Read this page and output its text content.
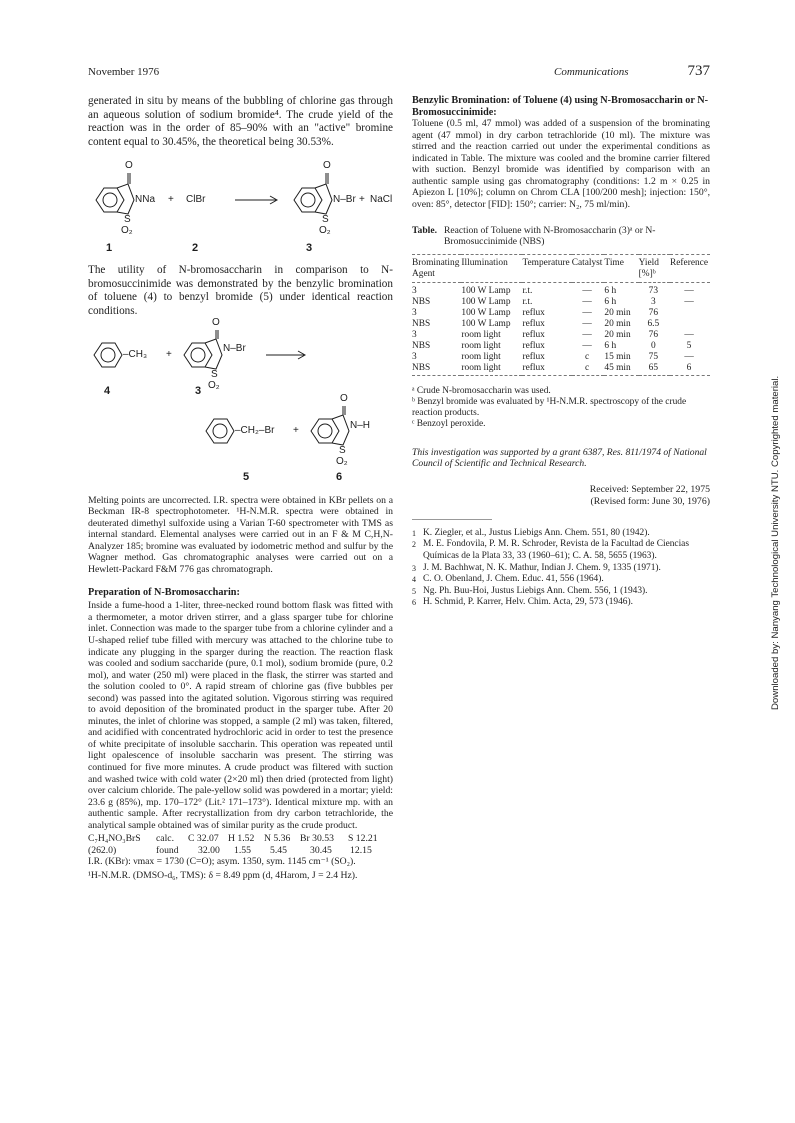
November 1976	Communications	737
Downloaded by: Nanyang Technological University NTU. Copyrighted material.

generated in situ by means of the bubbling of chlorine gas through an aqueous solution of sodium bromide⁴. The crude yield of the reaction was in the order of 85–90% with an "active" bromine content equal to 30.45%, the theoretical being 30.53%.

O
S
O₂
NNa + ClBr
O
S
O₂
N–Br + NaCl
1	2	3

The utility of N-bromosaccharin in comparison to N-bromosuccinimide was demonstrated by the benzylic bromination of toluene (4) to benzyl bromide (5) under identical reaction conditions.

–CH₃ +
O
S
O₂
N–Br
4	3
–CH₂–Br +
O
S
O₂
N–H
5	6

Melting points are uncorrected. I.R. spectra were obtained in KBr pellets on a Beckman IR-8 spectrophotometer. ¹H-N.M.R. spectra were obtained in deuterated dimethyl sulfoxide using a Varian T-60 spectrometer with TMS as internal standard. Elemental analyses were carried out in an F & M C,H,N-Analyzer 185; bromine was evaluated by iodometric method and sulfur by the Wagner method. Gas chromatographic analyses were carried out on a Hewlett-Packard F&M 776 gas chromatograph.

Preparation of N-Bromosaccharin:

Inside a fume-hood a 1-liter, three-necked round bottom flask was fitted with a thermometer, a motor driven stirrer, and a glass sparger tube for chlorine inlet. Connection was made to the sparger tube from a chlorine cylinder and a U-shaped relief tube filled with mercury was attached to the chlorine tube to indicate any plugging in the sparger during the reaction. The reaction flask was cooled and sodium saccharide (pure, 0.1 mol), sodium bromide (pure, 0.2 mol), and water (250 ml) were placed in the flask, the stirrer was started and the solution cooled to 0°. A rapid stream of chlorine gas (five bubbles per second) was passed into the agitated solution. Vigorous stirring was required to avoid deposition of the brominated product in the sparger tube. After 20 minutes, the inlet of chlorine was stopped, a sample (2 ml) was taken, filtered, and acidified with concentrated hydrochloric acid in order to test the presence of white precipitate of insoluble saccharin. This operation was repeated until light opalescence of insoluble saccharin was present. The stirring was continued for five more minutes. A crude product was filtered with suction and washed twice with cold water (2×20 ml) then dried (protected from light) over calcium chloride. The pale-yellow solid was powdered in a mortar; yield: 23.6 g (85%), mp. 170–172° (Lit.² 171–173°). Identical mixture mp. with an authentic sample. After recrystallization from dry carbon tetrachloride, the analytical sample obtained was of similar purity as the crude product.

C₇H₄NO₃BrS	calc.	C 32.07 H 1.52 N 5.36 Br 30.53	S 12.21
(262.0)	found	32.00	1.55	5.45	30.45	12.15

I.R. (KBr): νmax = 1730 (C=O); asym. 1350, sym. 1145 cm⁻¹ (SO₂).

¹H-N.M.R. (DMSO-d₆, TMS): δ = 8.49 ppm (d, 4Harom, J = 2.4 Hz).

Benzylic Bromination: of Toluene (4) using N-Bromosaccharin or N-Bromosuccinimide:

Toluene (0.5 ml, 47 mmol) was added of a suspension of the brominating agent (47 mmol) in dry carbon tetrachloride (10 ml). The mixture was stirred and the reaction carried out under the experimental conditions as indicated in Table. The mixture was cooled and the bromine carrier filtered with suction. Benzyl bromide was identified by comparison with an authentic sample using gas chromatography (conditions: 1.2 m × 0.25 in Apiezon L [10%]; column on Chrom CLA [100/200 mesh]; injection: 150°, oven: 85°, detector [FID]: 150°; carrier: N₂, 75 ml/min).

Table. Reaction of Toluene with N-Bromosaccharin (3)ᵃ or N-Bromosuccinimide (NBS)
Brominating Agent	Illumination	Temperature	Catalyst	Time	Yield [%]ᵇ	Reference
3	100 W Lamp	r.t.	—	6 h	73	—
NBS	100 W Lamp	r.t.	—	6 h	3	—
3	100 W Lamp	reflux	—	20 min	76	
NBS	100 W Lamp	reflux	—	20 min	6.5	
3	room light	reflux	—	20 min	76	—
NBS	room light	reflux	—	6 h	0	5
3	room light	reflux	c	15 min	75	—
NBS	room light	reflux	c	45 min	65	6

ᵃ Crude N-bromosaccharin was used.

ᵇ Benzyl bromide was evaluated by ¹H-N.M.R. spectroscopy of the crude reaction products.

ᶜ Benzoyl peroxide.

This investigation was supported by a grant 6387, Res. 811/1974 of National Council of Scientific and Technical Research.

Received: September 22, 1975

(Revised form: June 30, 1976)

1 K. Ziegler, et al., Justus Liebigs Ann. Chem. 551, 80 (1942).
2 M. E. Fondovila, P. M. R. Schroder, Revista de la Facultad de Ciencias Químicas de la Plata 33, 33 (1960–61); C. A. 58, 5655 (1963).
3 J. M. Bachhwat, N. K. Mathur, Indian J. Chem. 9, 1335 (1971).
4 C. O. Obenland, J. Chem. Educ. 41, 556 (1964).
5 Ng. Ph. Buu-Hoi, Justus Liebigs Ann. Chem. 556, 1 (1943).
6 H. Schmid, P. Karrer, Helv. Chim. Acta, 29, 573 (1946).
